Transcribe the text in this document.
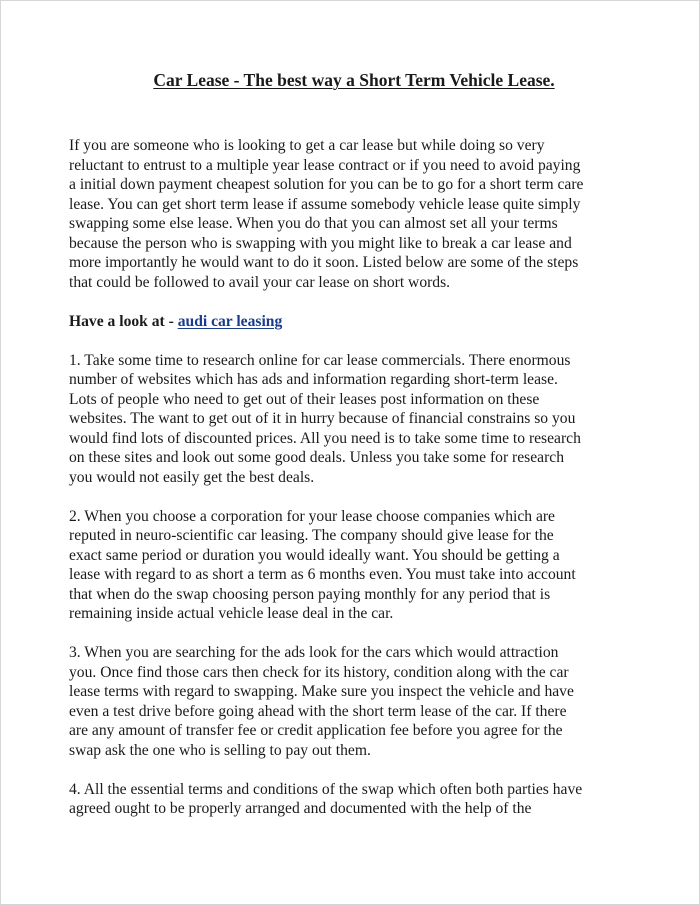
Car Lease - The best way a Short Term Vehicle Lease.

If you are someone who is looking to get a car lease but while doing so very
reluctant to entrust to a multiple year lease contract or if you need to avoid paying
a initial down payment cheapest solution for you can be to go for a short term care
lease. You can get short term lease if assume somebody vehicle lease quite simply
swapping some else lease. When you do that you can almost set all your terms
because the person who is swapping with you might like to break a car lease and
more importantly he would want to do it soon. Listed below are some of the steps
that could be followed to avail your car lease on short words.

Have a look at - audi car leasing

1. Take some time to research online for car lease commercials. There enormous
number of websites which has ads and information regarding short-term lease.
Lots of people who need to get out of their leases post information on these
websites. The want to get out of it in hurry because of financial constrains so you
would find lots of discounted prices. All you need is to take some time to research
on these sites and look out some good deals. Unless you take some for research
you would not easily get the best deals.

2. When you choose a corporation for your lease choose companies which are
reputed in neuro-scientific car leasing. The company should give lease for the
exact same period or duration you would ideally want. You should be getting a
lease with regard to as short a term as 6 months even. You must take into account
that when do the swap choosing person paying monthly for any period that is
remaining inside actual vehicle lease deal in the car.

3. When you are searching for the ads look for the cars which would attraction
you. Once find those cars then check for its history, condition along with the car
lease terms with regard to swapping. Make sure you inspect the vehicle and have
even a test drive before going ahead with the short term lease of the car. If there
are any amount of transfer fee or credit application fee before you agree for the
swap ask the one who is selling to pay out them.

4. All the essential terms and conditions of the swap which often both parties have
agreed ought to be properly arranged and documented with the help of the
